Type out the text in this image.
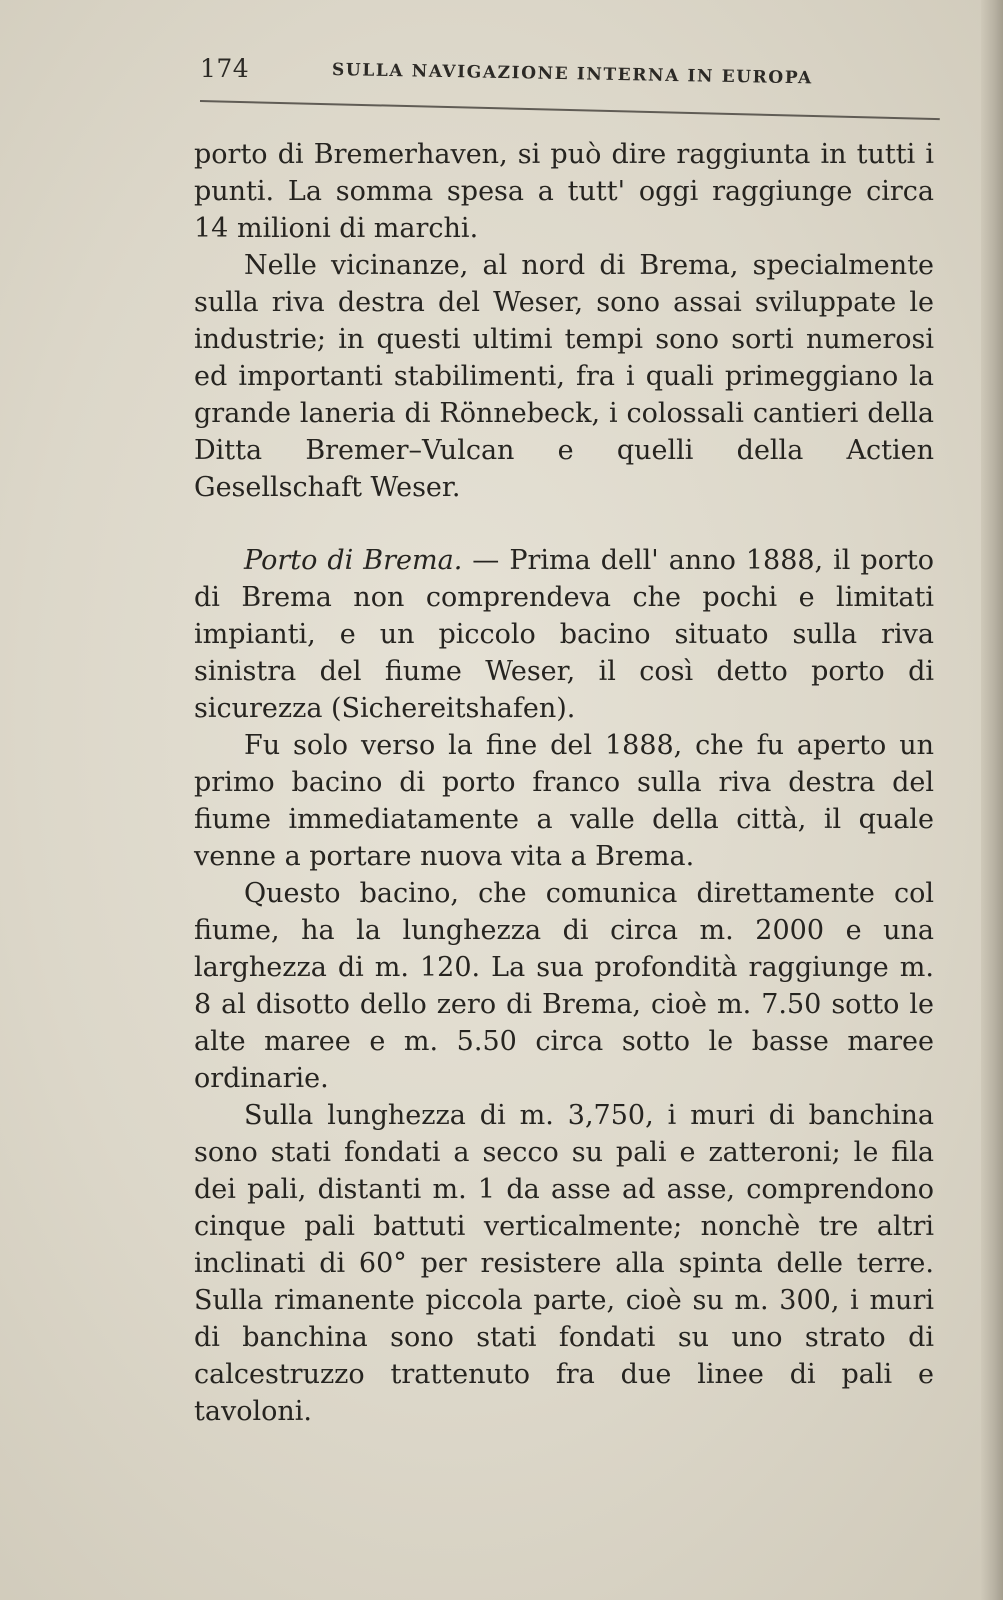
174	SULLA NAVIGAZIONE INTERNA IN EUROPA

porto di Bremerhaven, si può dire raggiunta in tutti i punti. La somma spesa a tutt' oggi raggiunge circa 14 milioni di marchi.

Nelle vicinanze, al nord di Brema, specialmente sulla riva destra del Weser, sono assai sviluppate le industrie; in questi ultimi tempi sono sorti numerosi ed importanti stabilimenti, fra i quali primeggiano la grande laneria di Rönnebeck, i colossali cantieri della Ditta Bremer–Vulcan e quelli della Actien Gesellschaft Weser.

Porto di Brema. — Prima dell' anno 1888, il porto di Brema non comprendeva che pochi e limitati impianti, e un piccolo bacino situato sulla riva sinistra del fiume Weser, il così detto porto di sicurezza (Sichereitshafen).

Fu solo verso la fine del 1888, che fu aperto un primo bacino di porto franco sulla riva destra del fiume immediatamente a valle della città, il quale venne a portare nuova vita a Brema.

Questo bacino, che comunica direttamente col fiume, ha la lunghezza di circa m. 2000 e una larghezza di m. 120. La sua profondità raggiunge m. 8 al disotto dello zero di Brema, cioè m. 7.50 sotto le alte maree e m. 5.50 circa sotto le basse maree ordinarie.

Sulla lunghezza di m. 3,750, i muri di banchina sono stati fondati a secco su pali e zatteroni; le fila dei pali, distanti m. 1 da asse ad asse, comprendono cinque pali battuti verticalmente; nonchè tre altri inclinati di 60° per resistere alla spinta delle terre. Sulla rimanente piccola parte, cioè su m. 300, i muri di banchina sono stati fondati su uno strato di calcestruzzo trattenuto fra due linee di pali e tavoloni.
